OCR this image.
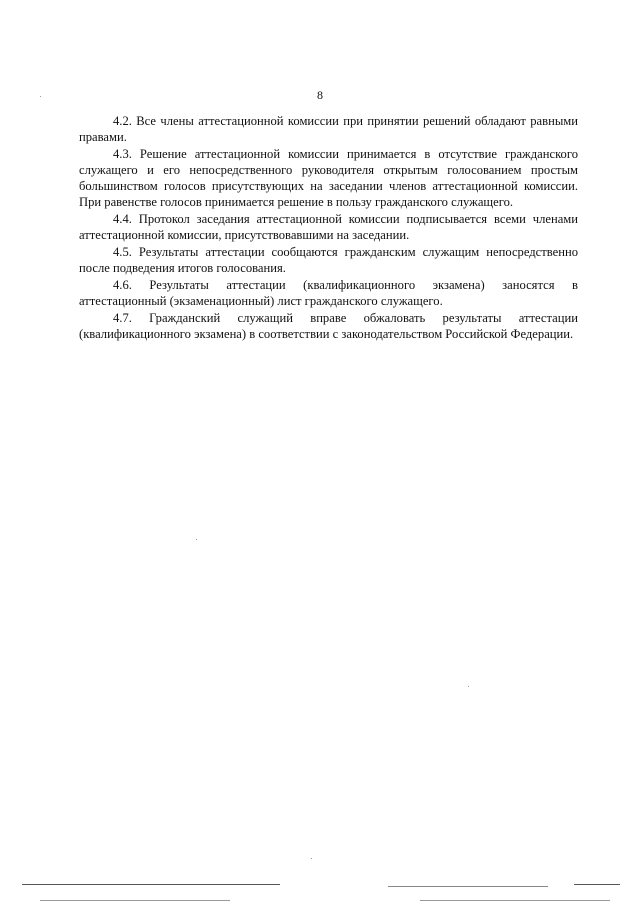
8

4.2. Все члены аттестационной комиссии при принятии решений обладают равными правами.

4.3. Решение аттестационной комиссии принимается в отсутствие гражданского служащего и его непосредственного руководителя открытым голосованием простым большинством голосов присутствующих на заседании членов аттестационной комиссии. При равенстве голосов принимается решение в пользу гражданского служащего.

4.4. Протокол заседания аттестационной комиссии подписывается всеми членами аттестационной комиссии, присутствовавшими на заседании.

4.5. Результаты аттестации сообщаются гражданским служащим непосредственно после подведения итогов голосования.

4.6. Результаты аттестации (квалификационного экзамена) заносятся в аттестационный (экзаменационный) лист гражданского служащего.

4.7. Гражданский служащий вправе обжаловать результаты аттестации (квалификационного экзамена) в соответствии с законодательством Российской Федерации.
